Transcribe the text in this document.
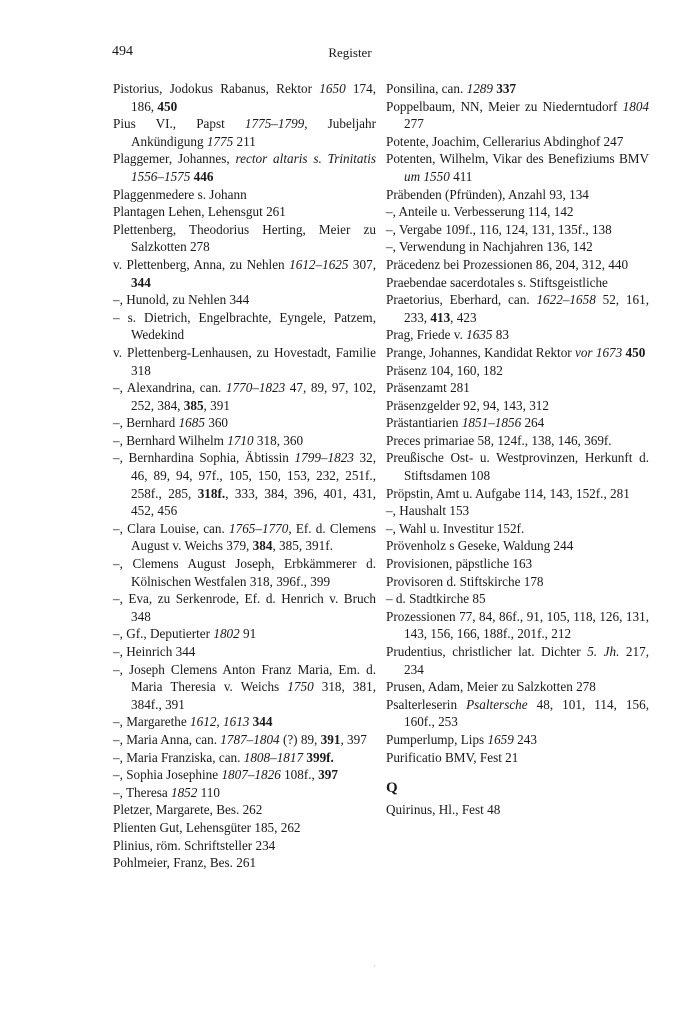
494	Register

Pistorius, Jodokus Rabanus, Rektor 1650 174, 186, 450

Pius VI., Papst 1775–1799, Jubeljahr Ankündigung 1775 211

Plaggemer, Johannes, rector altaris s. Trinitatis 1556–1575 446

Plaggenmedere s. Johann

Plantagen Lehen, Lehensgut 261

Plettenberg, Theodorius Herting, Meier zu Salzkotten 278

v. Plettenberg, Anna, zu Nehlen 1612–1625 307, 344

–, Hunold, zu Nehlen 344

– s. Dietrich, Engelbrachte, Eyngele, Patzem, Wedekind

v. Plettenberg-Lenhausen, zu Hovestadt, Familie 318

–, Alexandrina, can. 1770–1823 47, 89, 97, 102, 252, 384, 385, 391

–, Bernhard 1685 360

–, Bernhard Wilhelm 1710 318, 360

–, Bernhardina Sophia, Äbtissin 1799–1823 32, 46, 89, 94, 97f., 105, 150, 153, 232, 251f., 258f., 285, 318f., 333, 384, 396, 401, 431, 452, 456

–, Clara Louise, can. 1765–1770, Ef. d. Clemens August v. Weichs 379, 384, 385, 391f.

–, Clemens August Joseph, Erbkämmerer d. Kölnischen Westfalen 318, 396f., 399

–, Eva, zu Serkenrode, Ef. d. Henrich v. Bruch 348

–, Gf., Deputierter 1802 91

–, Heinrich 344

–, Joseph Clemens Anton Franz Maria, Em. d. Maria Theresia v. Weichs 1750 318, 381, 384f., 391

–, Margarethe 1612, 1613 344

–, Maria Anna, can. 1787–1804 (?) 89, 391, 397

–, Maria Franziska, can. 1808–1817 399f.

–, Sophia Josephine 1807–1826 108f., 397

–, Theresa 1852 110

Pletzer, Margarete, Bes. 262

Plienten Gut, Lehensgüter 185, 262

Plinius, röm. Schriftsteller 234

Pohlmeier, Franz, Bes. 261

Ponsilina, can. 1289 337

Poppelbaum, NN, Meier zu Niederntudorf 1804 277

Potente, Joachim, Cellerarius Abdinghof 247

Potenten, Wilhelm, Vikar des Benefiziums BMV um 1550 411

Präbenden (Pfründen), Anzahl 93, 134

–, Anteile u. Verbesserung 114, 142

–, Vergabe 109f., 116, 124, 131, 135f., 138

–, Verwendung in Nachjahren 136, 142

Präcedenz bei Prozessionen 86, 204, 312, 440

Praebendae sacerdotales s. Stiftsgeistliche

Praetorius, Eberhard, can. 1622–1658 52, 161, 233, 413, 423

Prag, Friede v. 1635 83

Prange, Johannes, Kandidat Rektor vor 1673 450

Präsenz 104, 160, 182

Präsenzamt 281

Präsenzgelder 92, 94, 143, 312

Prästantiarien 1851–1856 264

Preces primariae 58, 124f., 138, 146, 369f.

Preußische Ost- u. Westprovinzen, Herkunft d. Stiftsdamen 108

Pröpstin, Amt u. Aufgabe 114, 143, 152f., 281

–, Haushalt 153

–, Wahl u. Investitur 152f.

Prövenholz s Geseke, Waldung 244

Provisionen, päpstliche 163

Provisoren d. Stiftskirche 178

– d. Stadtkirche 85

Prozessionen 77, 84, 86f., 91, 105, 118, 126, 131, 143, 156, 166, 188f., 201f., 212

Prudentius, christlicher lat. Dichter 5. Jh. 217, 234

Prusen, Adam, Meier zu Salzkotten 278

Psalterleserin Psaltersche 48, 101, 114, 156, 160f., 253

Pumperlump, Lips 1659 243

Purificatio BMV, Fest 21

Q

Quirinus, Hl., Fest 48

·
